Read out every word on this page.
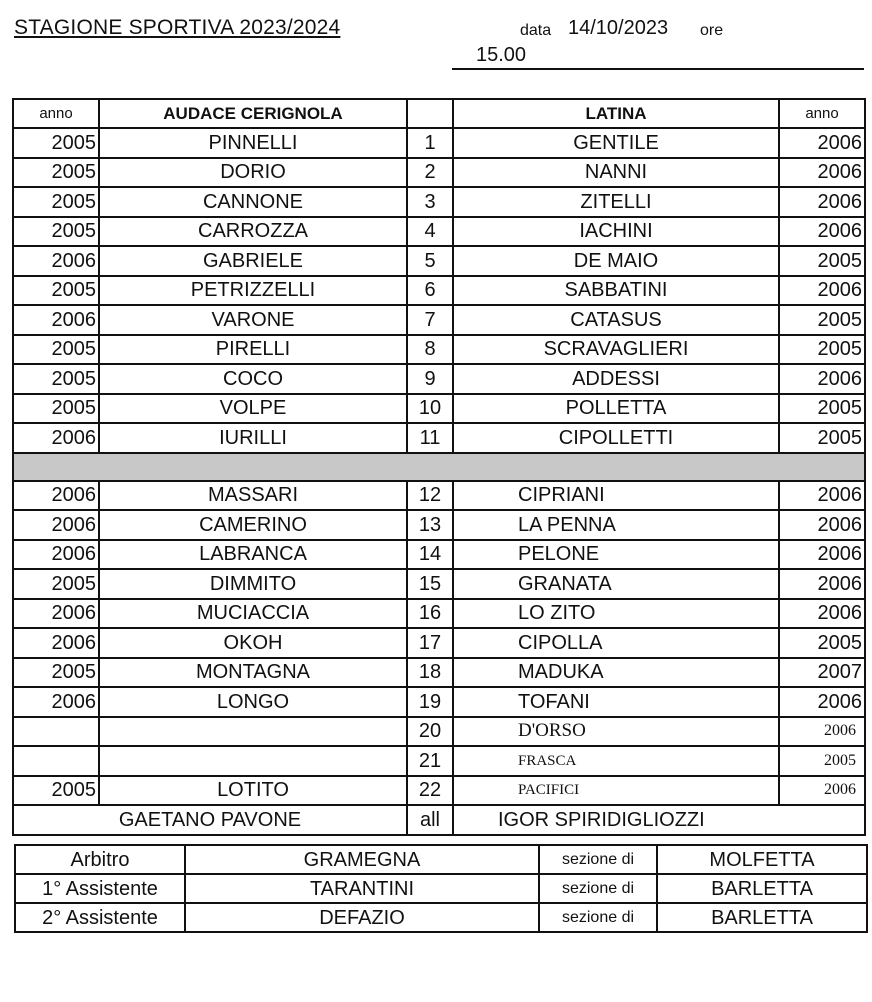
STAGIONE SPORTIVA 2023/2024	data 14/10/2023 ore
15.00
anno	AUDACE CERIGNOLA		LATINA	anno
2005	PINNELLI	1	GENTILE	2006
2005	DORIO	2	NANNI	2006
2005	CANNONE	3	ZITELLI	2006
2005	CARROZZA	4	IACHINI	2006
2006	GABRIELE	5	DE MAIO	2005
2005	PETRIZZELLI	6	SABBATINI	2006
2006	VARONE	7	CATASUS	2005
2005	PIRELLI	8	SCRAVAGLIERI	2005
2005	COCO	9	ADDESSI	2006
2005	VOLPE	10	POLLETTA	2005
2006	IURILLI	11	CIPOLLETTI	2005

2006	MASSARI	12	CIPRIANI	2006
2006	CAMERINO	13	LA PENNA	2006
2006	LABRANCA	14	PELONE	2006
2005	DIMMITO	15	GRANATA	2006
2006	MUCIACCIA	16	LO ZITO	2006
2006	OKOH	17	CIPOLLA	2005
2005	MONTAGNA	18	MADUKA	2007
2006	LONGO	19	TOFANI	2006
		20	D'ORSO	2006
		21	FRASCA	2005
2005	LOTITO	22	PACIFICI	2006
GAETANO PAVONE		all	IGOR SPIRIDIGLIOZZI	
Arbitro	GRAMEGNA	sezione di	MOLFETTA
1° Assistente	TARANTINI	sezione di	BARLETTA
2° Assistente	DEFAZIO	sezione di	BARLETTA
